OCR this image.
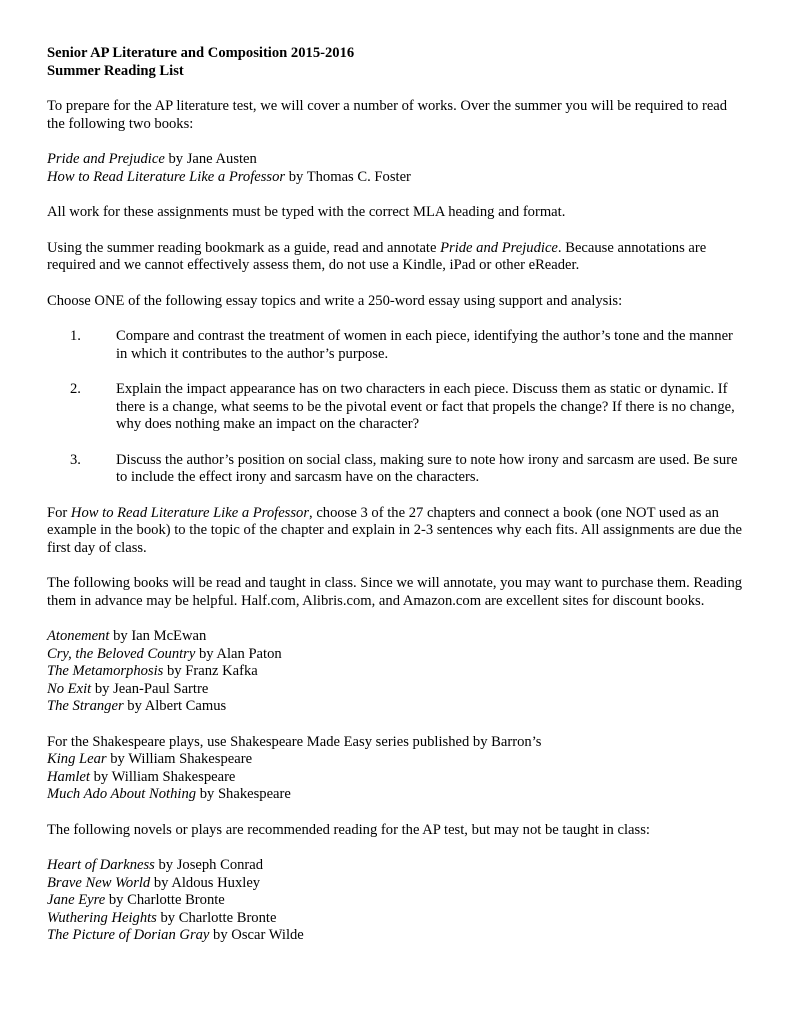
Senior AP Literature and Composition 2015-2016
Summer Reading List

To prepare for the AP literature test, we will cover a number of works. Over the summer you will be required to read the following two books:

Pride and Prejudice by Jane Austen
How to Read Literature Like a Professor by Thomas C. Foster

All work for these assignments must be typed with the correct MLA heading and format.

Using the summer reading bookmark as a guide, read and annotate Pride and Prejudice. Because annotations are required and we cannot effectively assess them, do not use a Kindle, iPad or other eReader.

Choose ONE of the following essay topics and write a 250-word essay using support and analysis:

1. Compare and contrast the treatment of women in each piece, identifying the author’s tone and the manner in which it contributes to the author’s purpose.
2. Explain the impact appearance has on two characters in each piece. Discuss them as static or dynamic. If there is a change, what seems to be the pivotal event or fact that propels the change? If there is no change, why does nothing make an impact on the character?
3. Discuss the author’s position on social class, making sure to note how irony and sarcasm are used. Be sure to include the effect irony and sarcasm have on the characters.

For How to Read Literature Like a Professor, choose 3 of the 27 chapters and connect a book (one NOT used as an example in the book) to the topic of the chapter and explain in 2-3 sentences why each fits. All assignments are due the first day of class.

The following books will be read and taught in class. Since we will annotate, you may want to purchase them. Reading them in advance may be helpful. Half.com, Alibris.com, and Amazon.com are excellent sites for discount books.

Atonement by Ian McEwan
Cry, the Beloved Country by Alan Paton
The Metamorphosis by Franz Kafka
No Exit by Jean-Paul Sartre
The Stranger by Albert Camus
For the Shakespeare plays, use Shakespeare Made Easy series published by Barron’s
King Lear by William Shakespeare
Hamlet by William Shakespeare
Much Ado About Nothing by Shakespeare

The following novels or plays are recommended reading for the AP test, but may not be taught in class:

Heart of Darkness by Joseph Conrad
Brave New World by Aldous Huxley
Jane Eyre by Charlotte Bronte
Wuthering Heights by Charlotte Bronte
The Picture of Dorian Gray by Oscar Wilde
